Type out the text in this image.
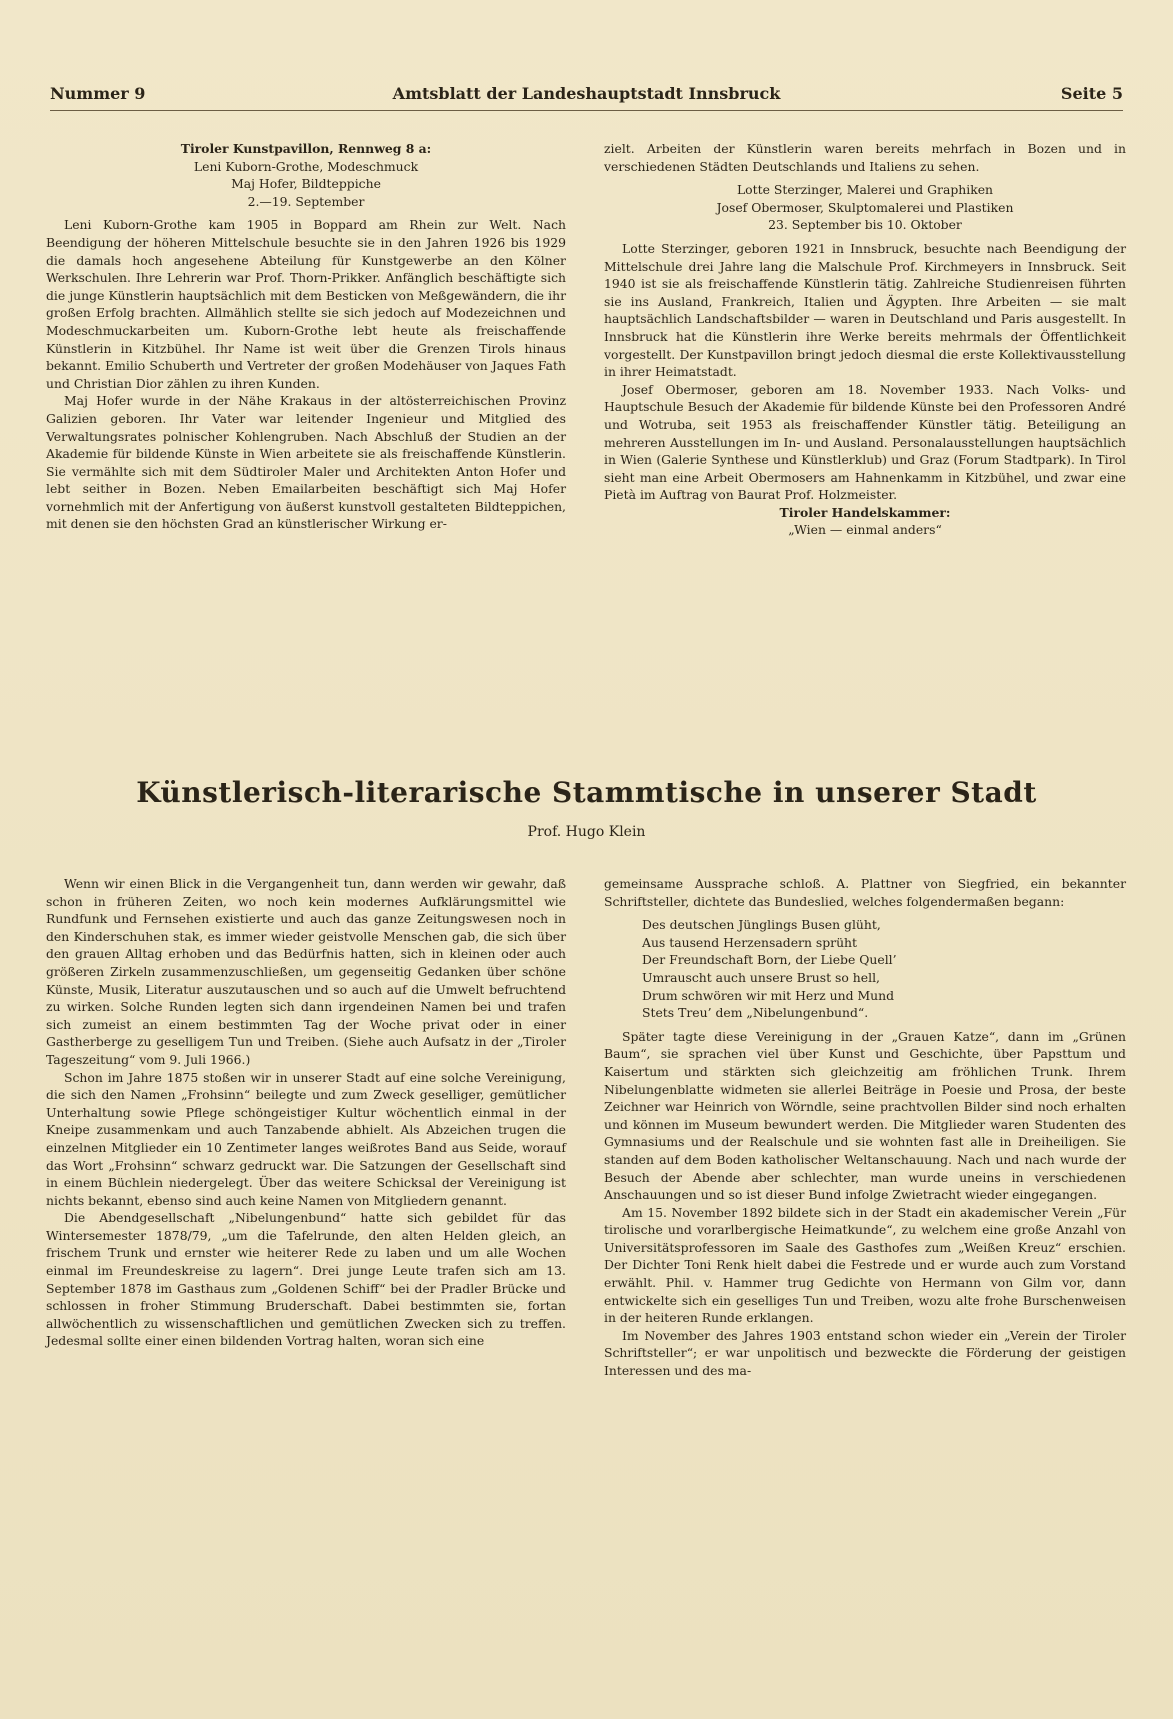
Nummer 9	Amtsblatt der Landeshauptstadt Innsbruck	Seite 5

Tiroler Kunstpavillon, Rennweg 8 a:

Leni Kuborn-Grothe, Modeschmuck

Maj Hofer, Bildteppiche

2.—19. September

Leni Kuborn-Grothe kam 1905 in Boppard am Rhein zur Welt. Nach Beendigung der höheren Mittelschule besuchte sie in den Jahren 1926 bis 1929 die damals hoch angesehene Abteilung für Kunstgewerbe an den Kölner Werkschulen. Ihre Lehrerin war Prof. Thorn-Prikker. Anfänglich beschäftigte sich die junge Künstlerin hauptsächlich mit dem Besticken von Meßgewändern, die ihr großen Erfolg brachten. Allmählich stellte sie sich jedoch auf Modezeichnen und Modeschmuckarbeiten um. Kuborn-Grothe lebt heute als freischaffende Künstlerin in Kitzbühel. Ihr Name ist weit über die Grenzen Tirols hinaus bekannt. Emilio Schuberth und Vertreter der großen Modehäuser von Jaques Fath und Christian Dior zählen zu ihren Kunden.

Maj Hofer wurde in der Nähe Krakaus in der altösterreichischen Provinz Galizien geboren. Ihr Vater war leitender Ingenieur und Mitglied des Verwaltungsrates polnischer Kohlengruben. Nach Abschluß der Studien an der Akademie für bildende Künste in Wien arbeitete sie als freischaffende Künstlerin. Sie vermählte sich mit dem Südtiroler Maler und Architekten Anton Hofer und lebt seither in Bozen. Neben Emailarbeiten beschäftigt sich Maj Hofer vornehmlich mit der Anfertigung von äußerst kunstvoll gestalteten Bildteppichen, mit denen sie den höchsten Grad an künstlerischer Wirkung er-

zielt. Arbeiten der Künstlerin waren bereits mehrfach in Bozen und in verschiedenen Städten Deutschlands und Italiens zu sehen.

Lotte Sterzinger, Malerei und Graphiken

Josef Obermoser, Skulptomalerei und Plastiken

23. September bis 10. Oktober

Lotte Sterzinger, geboren 1921 in Innsbruck, besuchte nach Beendigung der Mittelschule drei Jahre lang die Malschule Prof. Kirchmeyers in Innsbruck. Seit 1940 ist sie als freischaffende Künstlerin tätig. Zahlreiche Studienreisen führten sie ins Ausland, Frankreich, Italien und Ägypten. Ihre Arbeiten — sie malt hauptsächlich Landschaftsbilder — waren in Deutschland und Paris ausgestellt. In Innsbruck hat die Künstlerin ihre Werke bereits mehrmals der Öffentlichkeit vorgestellt. Der Kunstpavillon bringt jedoch diesmal die erste Kollektivausstellung in ihrer Heimatstadt.

Josef Obermoser, geboren am 18. November 1933. Nach Volks- und Hauptschule Besuch der Akademie für bildende Künste bei den Professoren André und Wotruba, seit 1953 als freischaffender Künstler tätig. Beteiligung an mehreren Ausstellungen im In- und Ausland. Personalausstellungen hauptsächlich in Wien (Galerie Synthese und Künstlerklub) und Graz (Forum Stadtpark). In Tirol sieht man eine Arbeit Obermosers am Hahnenkamm in Kitzbühel, und zwar eine Pietà im Auftrag von Baurat Prof. Holzmeister.

Tiroler Handelskammer:

„Wien — einmal anders“

Künstlerisch-literarische Stammtische in unserer Stadt
Prof. Hugo Klein

Wenn wir einen Blick in die Vergangenheit tun, dann werden wir gewahr, daß schon in früheren Zeiten, wo noch kein modernes Aufklärungsmittel wie Rundfunk und Fernsehen existierte und auch das ganze Zeitungswesen noch in den Kinderschuhen stak, es immer wieder geistvolle Menschen gab, die sich über den grauen Alltag erhoben und das Bedürfnis hatten, sich in kleinen oder auch größeren Zirkeln zusammenzuschließen, um gegenseitig Gedanken über schöne Künste, Musik, Literatur auszutauschen und so auch auf die Umwelt befruchtend zu wirken. Solche Runden legten sich dann irgendeinen Namen bei und trafen sich zumeist an einem bestimmten Tag der Woche privat oder in einer Gastherberge zu geselligem Tun und Treiben. (Siehe auch Aufsatz in der „Tiroler Tageszeitung“ vom 9. Juli 1966.)

Schon im Jahre 1875 stoßen wir in unserer Stadt auf eine solche Vereinigung, die sich den Namen „Frohsinn“ beilegte und zum Zweck geselliger, gemütlicher Unterhaltung sowie Pflege schöngeistiger Kultur wöchentlich einmal in der Kneipe zusammenkam und auch Tanzabende abhielt. Als Abzeichen trugen die einzelnen Mitglieder ein 10 Zentimeter langes weißrotes Band aus Seide, worauf das Wort „Frohsinn“ schwarz gedruckt war. Die Satzungen der Gesellschaft sind in einem Büchlein niedergelegt. Über das weitere Schicksal der Vereinigung ist nichts bekannt, ebenso sind auch keine Namen von Mitgliedern genannt.

Die Abendgesellschaft „Nibelungenbund“ hatte sich gebildet für das Wintersemester 1878/79, „um die Tafelrunde, den alten Helden gleich, an frischem Trunk und ernster wie heiterer Rede zu laben und um alle Wochen einmal im Freundeskreise zu lagern“. Drei junge Leute trafen sich am 13. September 1878 im Gasthaus zum „Goldenen Schiff“ bei der Pradler Brücke und schlossen in froher Stimmung Bruderschaft. Dabei bestimmten sie, fortan allwöchentlich zu wissenschaftlichen und gemütlichen Zwecken sich zu treffen. Jedesmal sollte einer einen bildenden Vortrag halten, woran sich eine

gemeinsame Aussprache schloß. A. Plattner von Siegfried, ein bekannter Schriftsteller, dichtete das Bundeslied, welches folgendermaßen begann:

Des deutschen Jünglings Busen glüht,
Aus tausend Herzensadern sprüht
Der Freundschaft Born, der Liebe Quell’
Umrauscht auch unsere Brust so hell,
Drum schwören wir mit Herz und Mund
Stets Treu’ dem „Nibelungenbund“.

Später tagte diese Vereinigung in der „Grauen Katze“, dann im „Grünen Baum“, sie sprachen viel über Kunst und Geschichte, über Papsttum und Kaisertum und stärkten sich gleichzeitig am fröhlichen Trunk. Ihrem Nibelungenblatte widmeten sie allerlei Beiträge in Poesie und Prosa, der beste Zeichner war Heinrich von Wörndle, seine prachtvollen Bilder sind noch erhalten und können im Museum bewundert werden. Die Mitglieder waren Studenten des Gymnasiums und der Realschule und sie wohnten fast alle in Dreiheiligen. Sie standen auf dem Boden katholischer Weltanschauung. Nach und nach wurde der Besuch der Abende aber schlechter, man wurde uneins in verschiedenen Anschauungen und so ist dieser Bund infolge Zwietracht wieder eingegangen.

Am 15. November 1892 bildete sich in der Stadt ein akademischer Verein „Für tirolische und vorarlbergische Heimatkunde“, zu welchem eine große Anzahl von Universitätsprofessoren im Saale des Gasthofes zum „Weißen Kreuz“ erschien. Der Dichter Toni Renk hielt dabei die Festrede und er wurde auch zum Vorstand erwählt. Phil. v. Hammer trug Gedichte von Hermann von Gilm vor, dann entwickelte sich ein geselliges Tun und Treiben, wozu alte frohe Burschenweisen in der heiteren Runde erklangen.

Im November des Jahres 1903 entstand schon wieder ein „Verein der Tiroler Schriftsteller“; er war unpolitisch und bezweckte die Förderung der geistigen Interessen und des ma-
